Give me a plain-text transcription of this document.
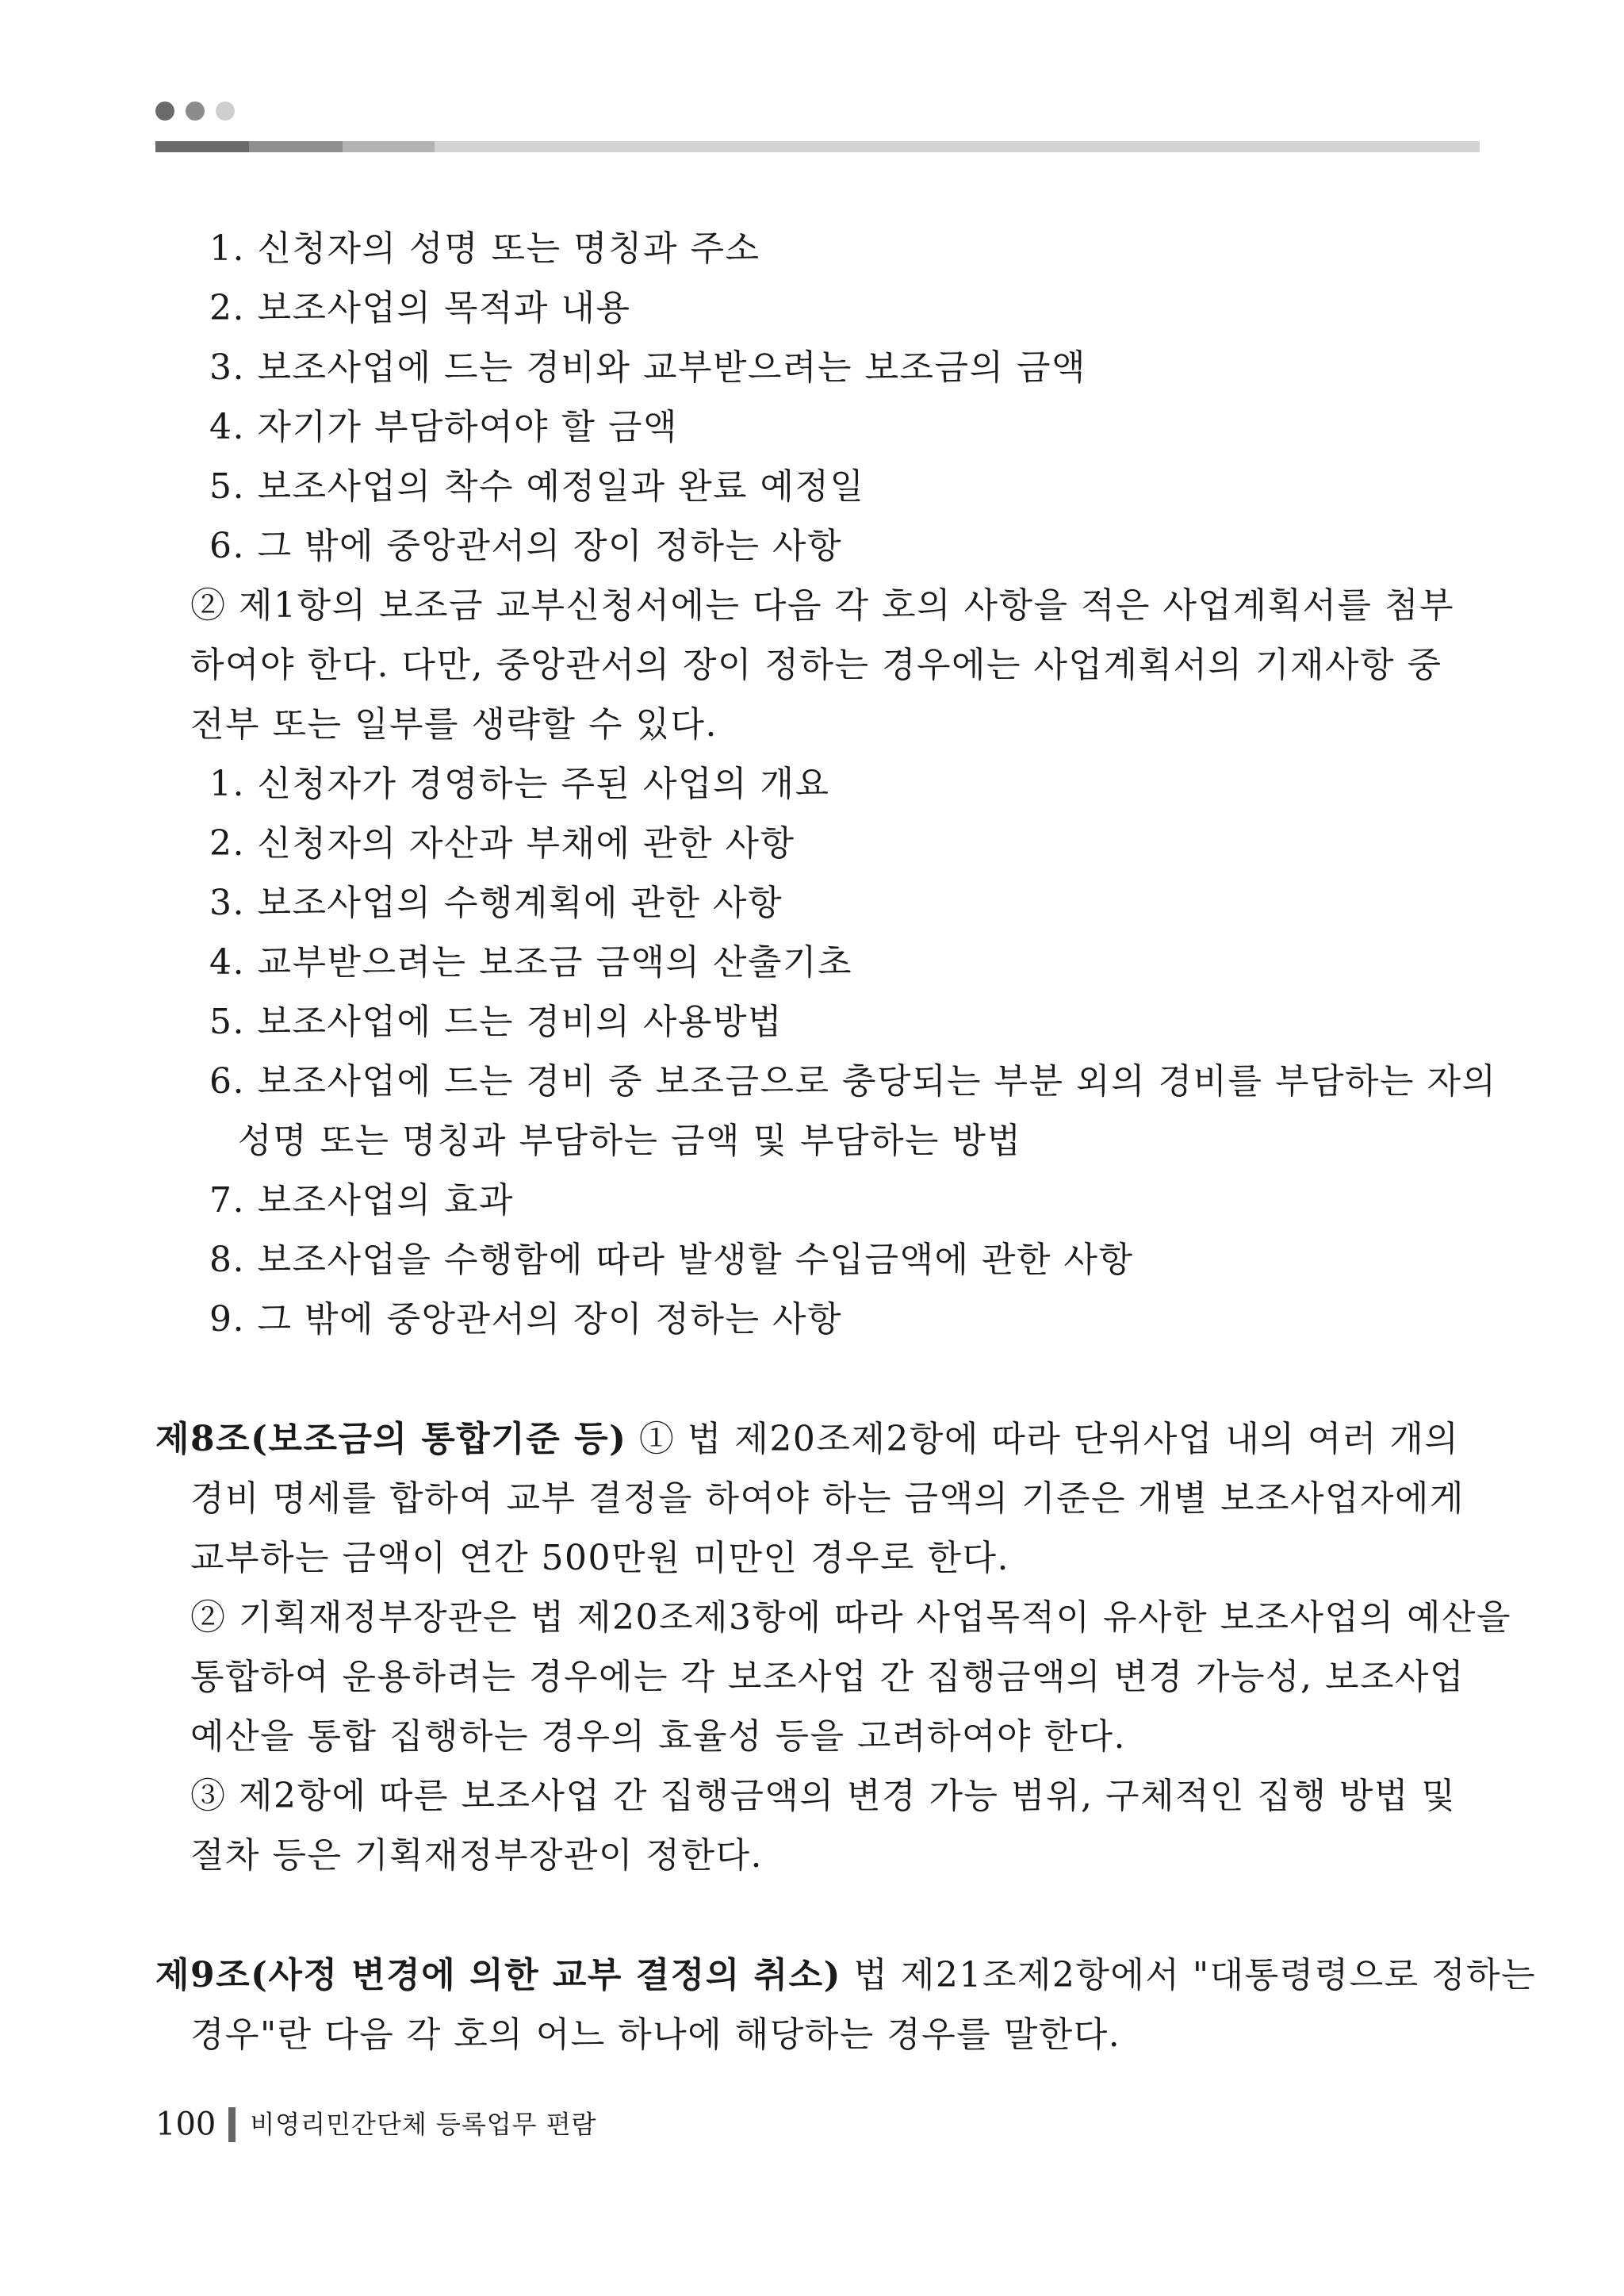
1. 신청자의 성명 또는 명칭과 주소
2. 보조사업의 목적과 내용
3. 보조사업에 드는 경비와 교부받으려는 보조금의 금액
4. 자기가 부담하여야 할 금액
5. 보조사업의 착수 예정일과 완료 예정일
6. 그 밖에 중앙관서의 장이 정하는 사항
② 제1항의 보조금 교부신청서에는 다음 각 호의 사항을 적은 사업계획서를 첨부
하여야 한다. 다만, 중앙관서의 장이 정하는 경우에는 사업계획서의 기재사항 중
전부 또는 일부를 생략할 수 있다.
1. 신청자가 경영하는 주된 사업의 개요
2. 신청자의 자산과 부채에 관한 사항
3. 보조사업의 수행계획에 관한 사항
4. 교부받으려는 보조금 금액의 산출기초
5. 보조사업에 드는 경비의 사용방법
6. 보조사업에 드는 경비 중 보조금으로 충당되는 부분 외의 경비를 부담하는 자의
성명 또는 명칭과 부담하는 금액 및 부담하는 방법
7. 보조사업의 효과
8. 보조사업을 수행함에 따라 발생할 수입금액에 관한 사항
9. 그 밖에 중앙관서의 장이 정하는 사항
제8조(보조금의 통합기준 등) ① 법 제20조제2항에 따라 단위사업 내의 여러 개의
경비 명세를 합하여 교부 결정을 하여야 하는 금액의 기준은 개별 보조사업자에게
교부하는 금액이 연간 500만원 미만인 경우로 한다.
② 기획재정부장관은 법 제20조제3항에 따라 사업목적이 유사한 보조사업의 예산을
통합하여 운용하려는 경우에는 각 보조사업 간 집행금액의 변경 가능성, 보조사업
예산을 통합 집행하는 경우의 효율성 등을 고려하여야 한다.
③ 제2항에 따른 보조사업 간 집행금액의 변경 가능 범위, 구체적인 집행 방법 및
절차 등은 기획재정부장관이 정한다.
제9조(사정 변경에 의한 교부 결정의 취소) 법 제21조제2항에서 "대통령령으로 정하는
경우"란 다음 각 호의 어느 하나에 해당하는 경우를 말한다.
100 비영리민간단체 등록업무 편람
